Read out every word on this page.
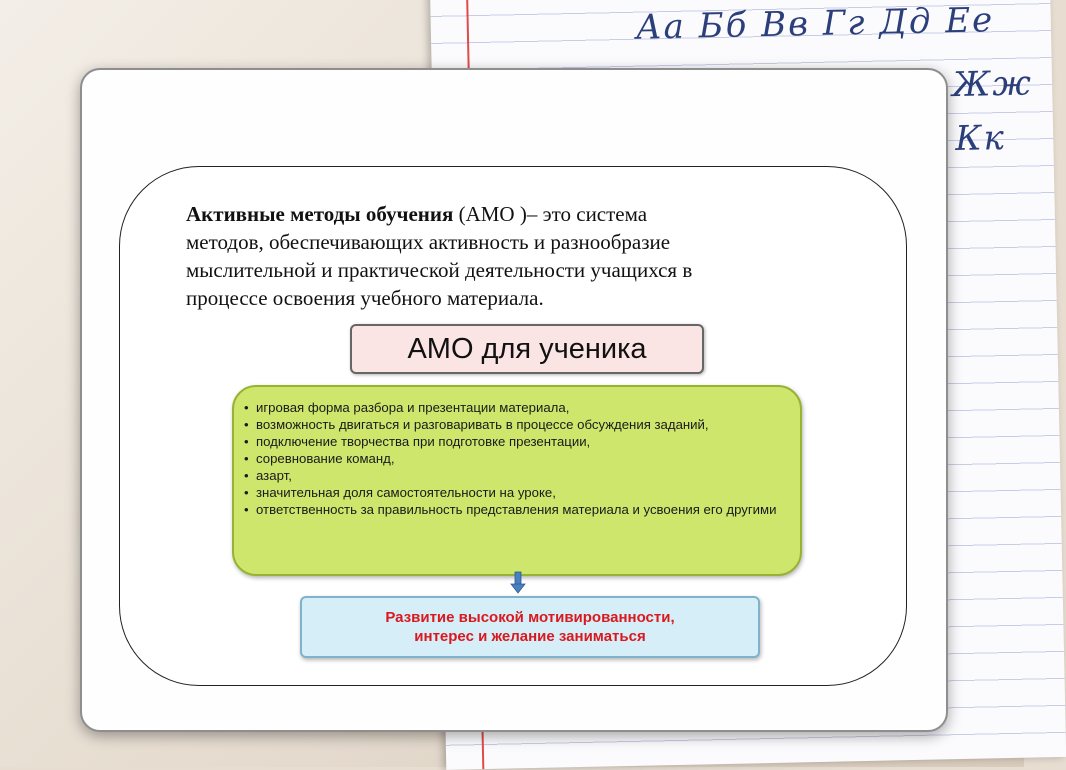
Аа Бб Вв Гг Дд Ее
Жж
Кк
Активные методы обучения (АМО )– это система
методов, обеспечивающих активность и разнообразие
мыслительной и практической деятельности учащихся в
процессе освоения учебного материала.
АМО для ученика
• игровая форма разбора и презентации материала,
• возможность двигаться и разговаривать в процессе обсуждения заданий,
• подключение творчества при подготовке презентации,
• соревнование команд,
• азарт,
• значительная доля самостоятельности на уроке,
• ответственность за правильность представления материала и усвоения его другими
Развитие высокой мотивированности,
интерес и желание заниматься
